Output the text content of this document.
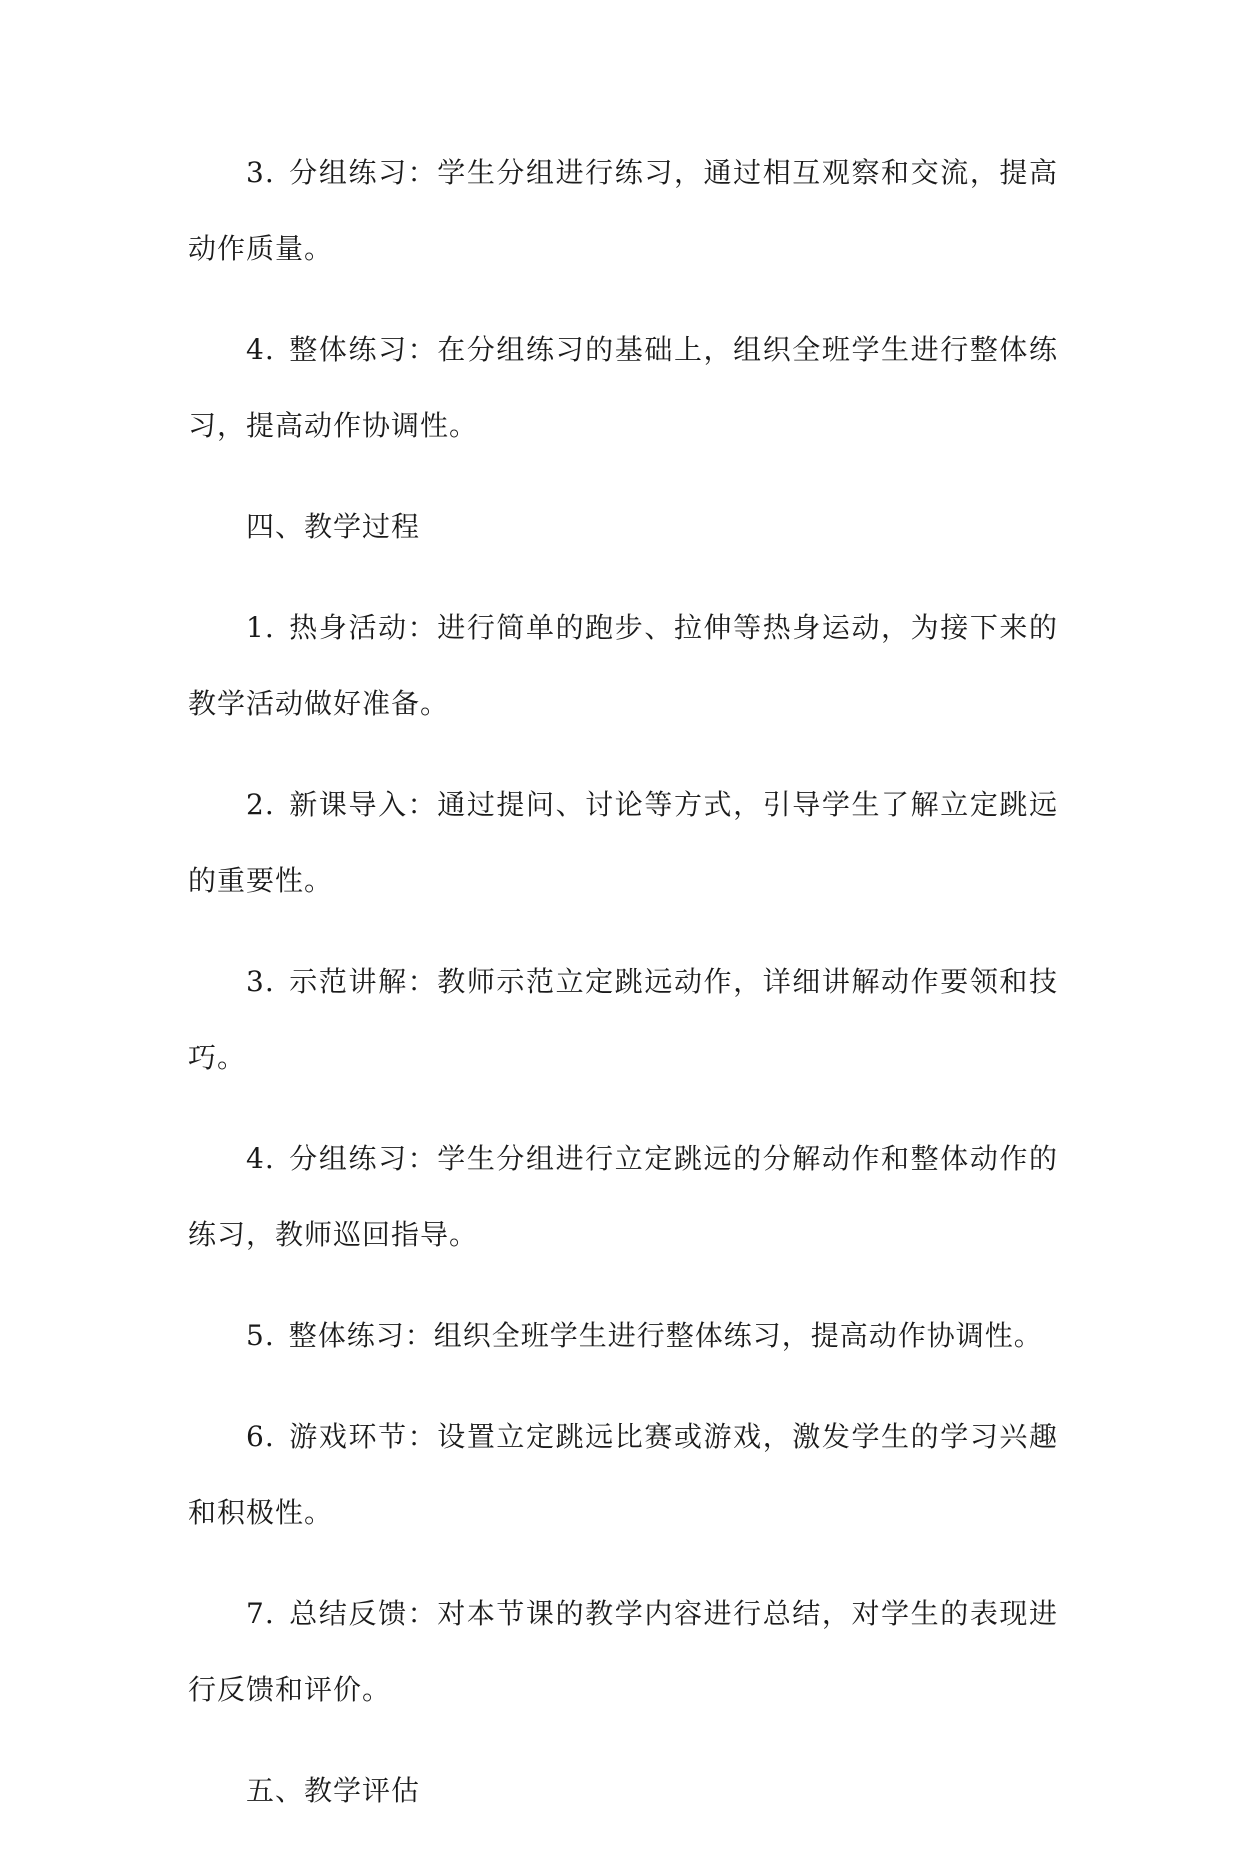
3. 分组练习：学生分组进行练习，通过相互观察和交流，提高动作质量。

4. 整体练习：在分组练习的基础上，组织全班学生进行整体练习，提高动作协调性。

四、教学过程

1. 热身活动：进行简单的跑步、拉伸等热身运动，为接下来的教学活动做好准备。

2. 新课导入：通过提问、讨论等方式，引导学生了解立定跳远的重要性。

3. 示范讲解：教师示范立定跳远动作，详细讲解动作要领和技巧。

4. 分组练习：学生分组进行立定跳远的分解动作和整体动作的练习，教师巡回指导。

5. 整体练习：组织全班学生进行整体练习，提高动作协调性。

6. 游戏环节：设置立定跳远比赛或游戏，激发学生的学习兴趣和积极性。

7. 总结反馈：对本节课的教学内容进行总结，对学生的表现进行反馈和评价。

五、教学评估
